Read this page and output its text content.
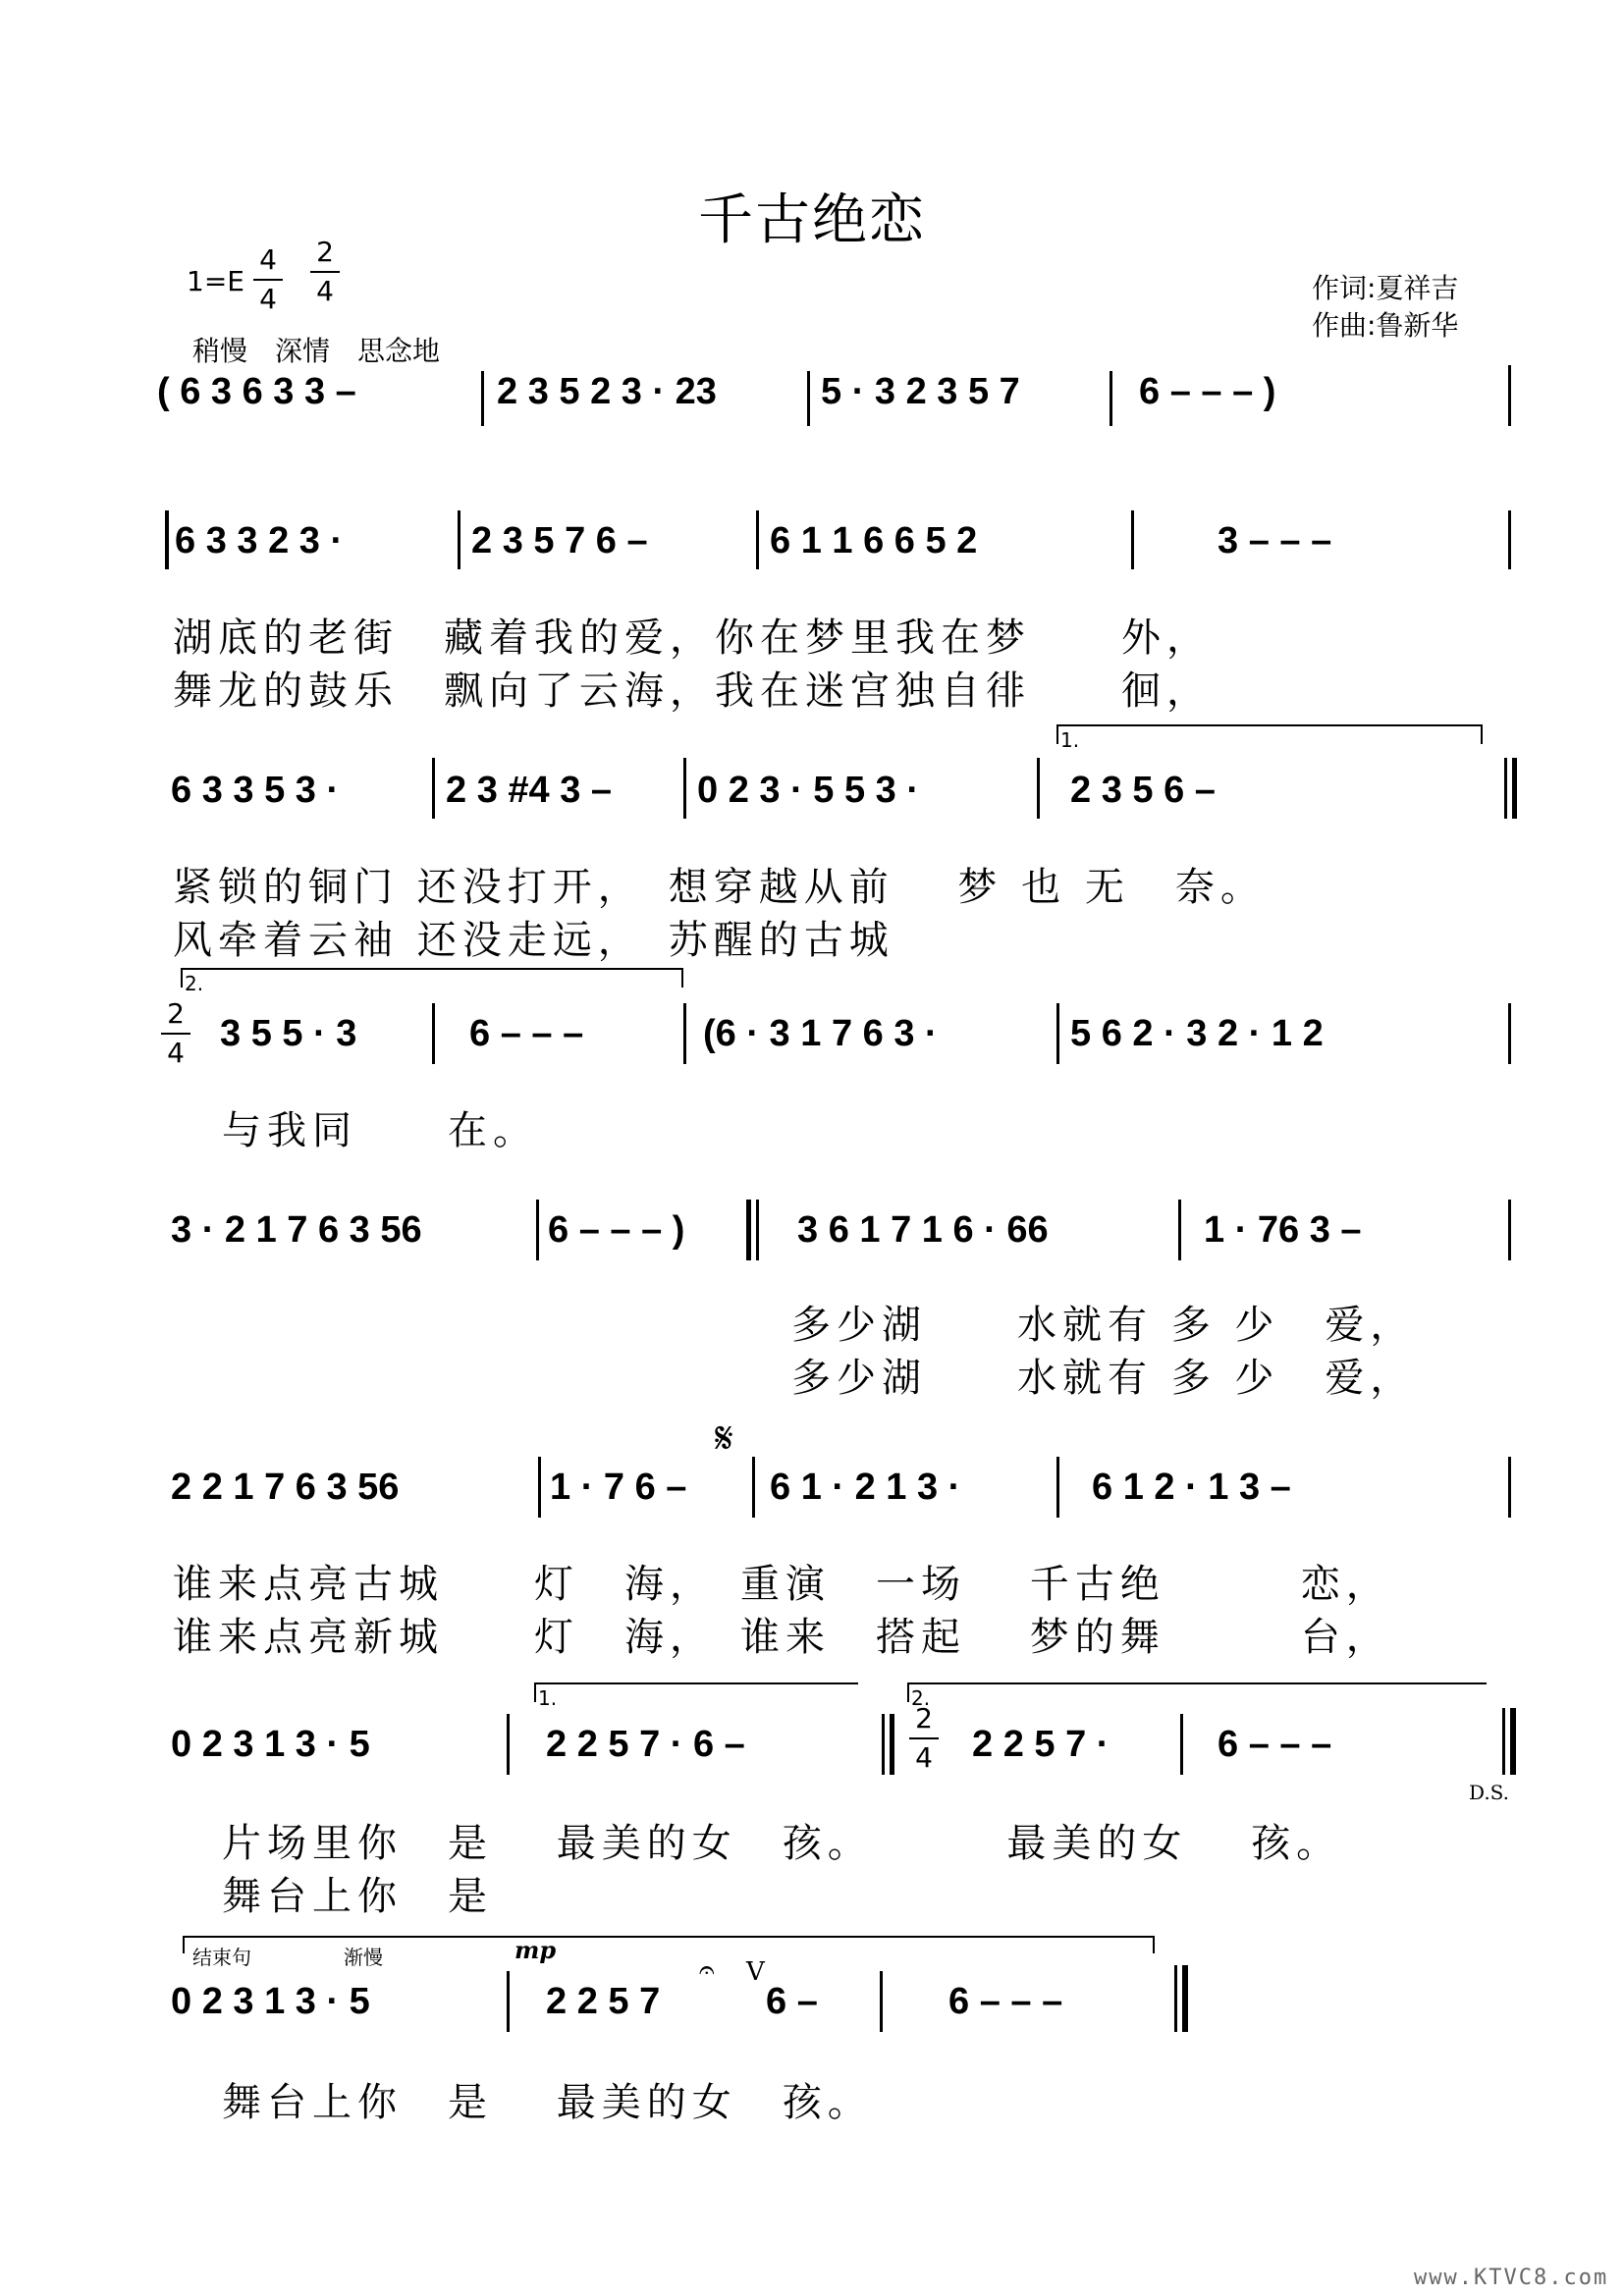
千古绝恋
1=E
4
4
2
4
稍慢　深情　思念地
作词:夏祥吉
作曲:鲁新华
( 6 3 6 3 3 –	2 3 5 2 3 · 23	5 · 3 2 3 5 7	6 – – – )
6 3 3 2 3 ·	2 3 5 7 6 –	6 1 1 6 6 5 2	3 – – –
湖底的老街　藏着我的爱，你在梦里我在梦　　外，
舞龙的鼓乐　飘向了云海，我在迷宫独自徘　　徊，
1.
6 3 3 5 3 ·	2 3 #4 3 – 0 2 3 · 5 5 3 ·	2 3 5 6 –
紧锁的铜门 还没打开，　想穿越从前　 梦 也 无　奈。
风牵着云袖 还没走远，　苏醒的古城
2.
2
4 3 5 5 · 3	6 – – –	(6 · 3 1 7 6 3 ·	5 6 2 · 3 2 · 1 2
与我同　　在。
3 · 2 1 7 6 3 56	6 – – – )	3 6 1 7 1 6 · 66	1 · 76 3 –
多少湖　　水就有 多 少　爱，
多少湖　　水就有 多 少　爱，
𝄋
2 2 1 7 6 3 56	1 · 7 6 – 6 1 · 2 1 3 ·	6 1 2 · 1 3 –
谁来点亮古城　　灯　海，　重演　一场　 千古绝　　　恋，
谁来点亮新城　　灯　海，　谁来　搭起　 梦的舞　　　台，
1.	2.
0 2 3 1 3 · 5	2 2 5 7 · 6 –
2
4 2 2 5 7 ·	6 – – –
D.S.
片场里你　是　 最美的女　孩。　　　 最美的女　 孩。
舞台上你　是
结束句	渐慢	mp
0 2 3 1 3 · 5	2 2 5 7
𝄐 V
6 –	6 – – –
舞台上你　是　 最美的女　孩。
www.KTVC8.com
